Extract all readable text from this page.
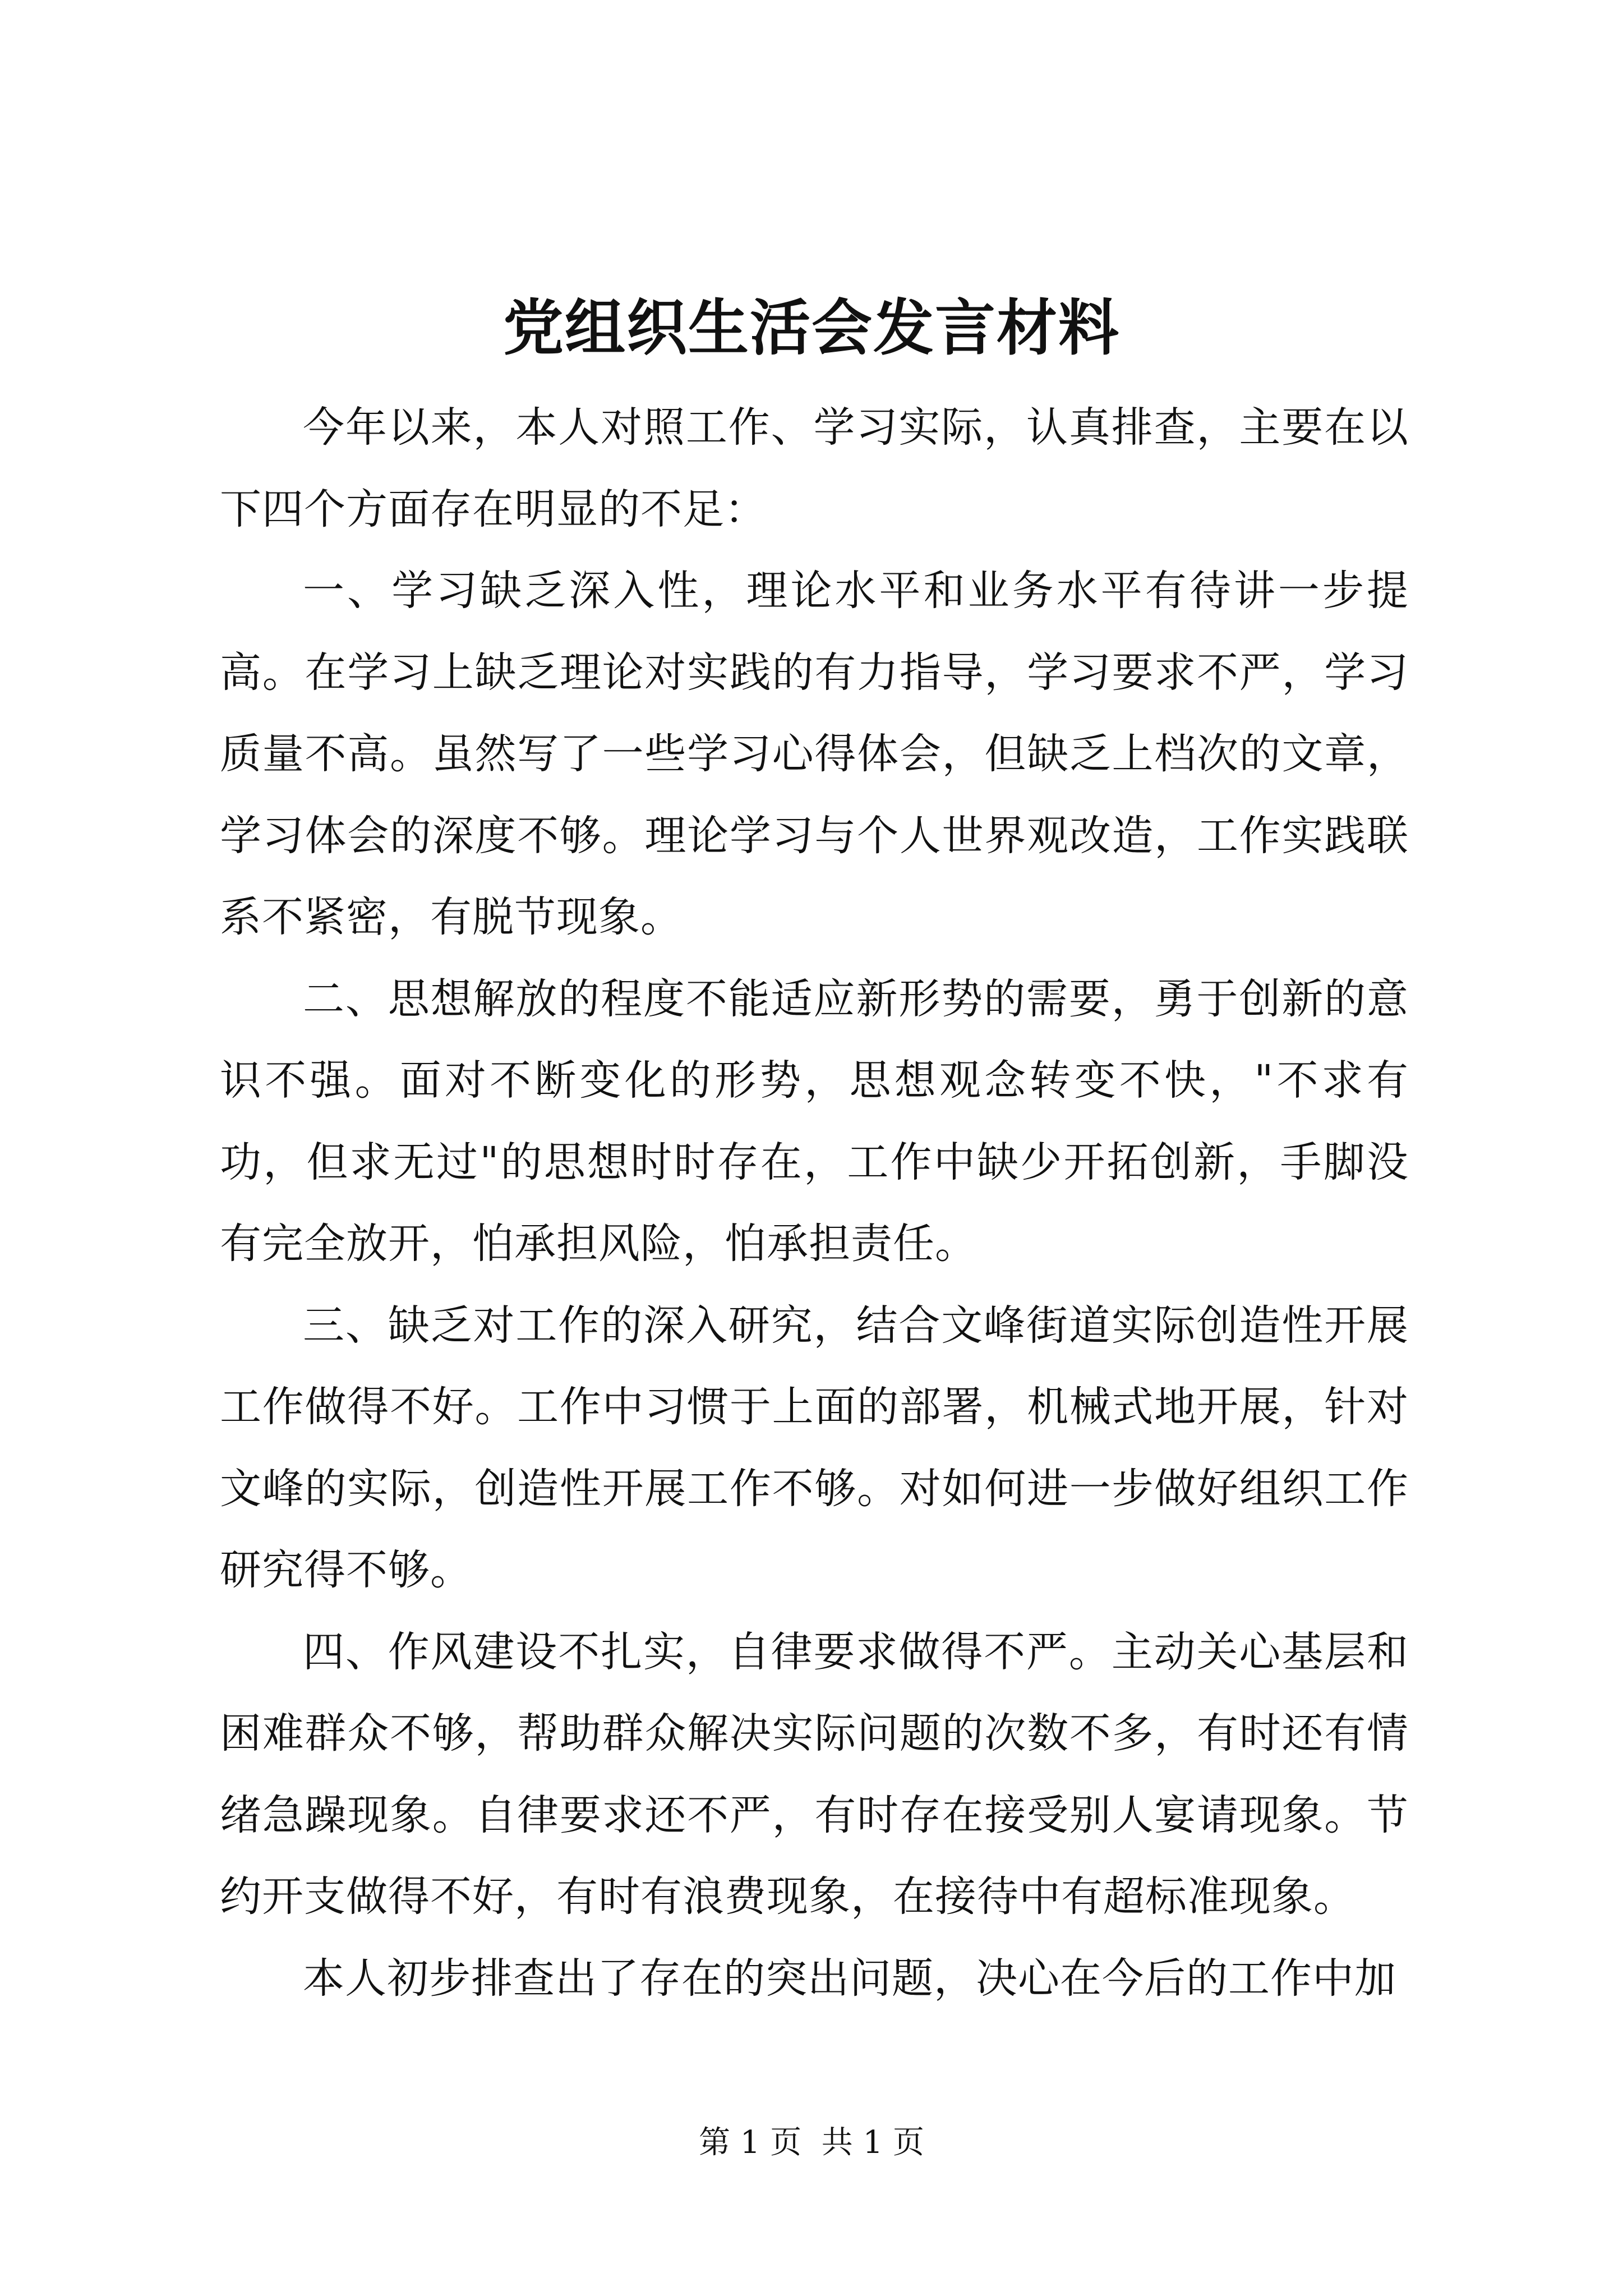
党组织生活会发言材料

今年以来，本人对照工作、学习实际，认真排查，主要在以下四个方面存在明显的不足：

一、学习缺乏深入性，理论水平和业务水平有待讲一步提高。在学习上缺乏理论对实践的有力指导，学习要求不严，学习质量不高。虽然写了一些学习心得体会，但缺乏上档次的文章，学习体会的深度不够。理论学习与个人世界观改造，工作实践联系不紧密，有脱节现象。

二、思想解放的程度不能适应新形势的需要，勇于创新的意识不强。面对不断变化的形势，思想观念转变不快，"不求有功，但求无过"的思想时时存在，工作中缺少开拓创新，手脚没有完全放开，怕承担风险，怕承担责任。

三、缺乏对工作的深入研究，结合文峰街道实际创造性开展工作做得不好。工作中习惯于上面的部署，机械式地开展，针对文峰的实际，创造性开展工作不够。对如何进一步做好组织工作研究得不够。

四、作风建设不扎实，自律要求做得不严。主动关心基层和困难群众不够，帮助群众解决实际问题的次数不多，有时还有情绪急躁现象。自律要求还不严，有时存在接受别人宴请现象。节约开支做得不好，有时有浪费现象，在接待中有超标准现象。

本人初步排查出了存在的突出问题，决心在今后的工作中加

第 1 页  共 1 页
